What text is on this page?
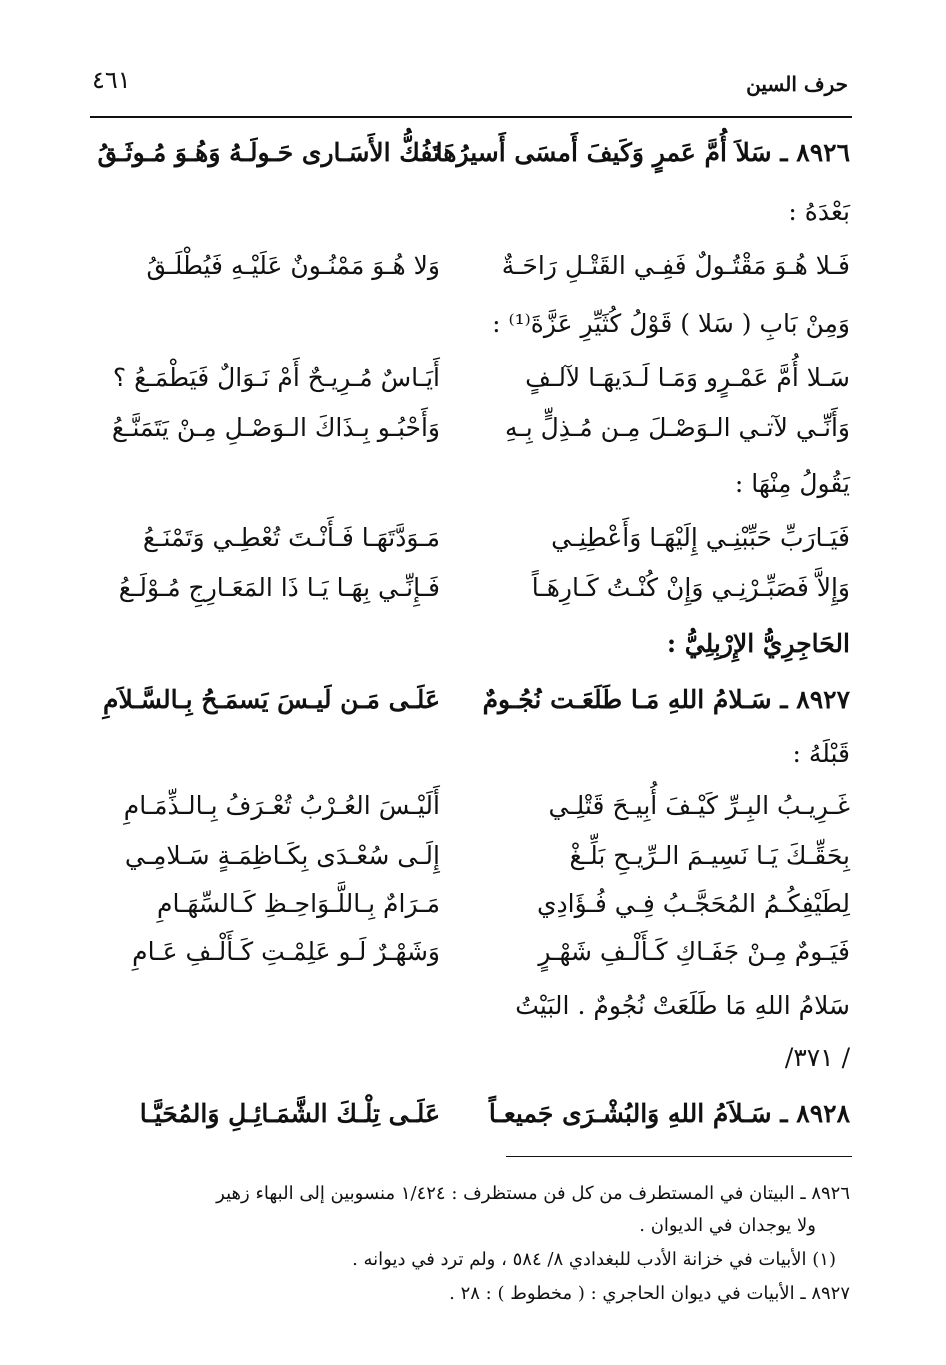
حرف السين
٤٦١
٨٩٢٦ ـ سَلاَ أُمَّ عَمرٍ وَكَيفَ أَمسَى أَسيرُهَا
تَفُكُّ الأَسَـارى حَـولَـهُ وَهُـوَ مُـوثَـقُ
بَعْدَهُ :
فَـلا هُـوَ مَقْتُـولٌ فَفِـي القَتْـلِ رَاحَـةٌ
وَلا هُـوَ مَمْنُـونٌ عَلَيْـهِ فَيُطْلَـقُ
وَمِنْ بَابِ ( سَلا ) قَوْلُ كُثَيِّرِ عَزَّةَ⁽¹⁾ :
سَـلا أُمَّ عَمْـرٍو وَمَـا لَـدَيهَـا لآلـفٍ
أَيَـاسٌ مُـرِيـحٌ أَمْ نَـوَالٌ فَيَطْمَـعُ ؟
وَأَنِّـي لآتـي الـوَصْـلَ مِـن مُـذِلٍّ بِـهِ
وَأَحْبُـو بِـذَاكَ الـوَصْـلِ مِـنْ يَتَمَنَّـعُ
يَقُولُ مِنْهَا :
فَيَـارَبِّ حَبِّبْنِـي إِلَيْهَـا وَأَعْطِنِـي
مَـوَدَّتَهَـا فَـأَنْـتَ تُعْطِـي وَتَمْنَـعُ
وَإِلاَّ فَصَبِّـرْنِـي وَإِنْ كُنْـتُ كَـارِهَـاً
فَـإِنِّـي بِهَـا يَـا ذَا المَعَـارِجِ مُـوْلَـعُ
الحَاجِرِيُّ الإِرْبِلِيُّ :
٨٩٢٧ ـ سَـلامُ اللهِ مَـا طَلَعَـت نُجُـومٌ
عَلَـى مَـن لَيـسَ يَسمَـحُ بِـالسَّـلاَمِ
قَبْلَهُ :
غَـرِيـبُ البِـرِّ كَيْـفَ أُبِيـحَ قَتْلِـي
أَلَيْـسَ العُـرْبُ تُعْـرَفُ بِـالـذِّمَـامِ
بِحَقِّـكَ يَـا نَسِيـمَ الـرِّيـحِ بَلِّـغْ
إِلَـى سُعْـدَى بِكَـاظِمَـةٍ سَـلامِـي
لِطَيْفِكُـمُ المُحَجَّـبُ فِـي فُـؤَادِي
مَـرَامٌ بِـاللَّـوَاحِـظِ كَـالسِّهَـامِ
فَيَـومٌ مِـنْ جَفَـاكِ كَـأَلْـفِ شَهْـرٍ
وَشَهْـرٌ لَـو عَلِمْـتِ كَـأَلْـفِ عَـامِ
سَلامُ اللهِ مَا طَلَعَتْ نُجُومٌ . البَيْتُ
/ ٣٧١/
٨٩٢٨ ـ سَـلاَمُ اللهِ وَالبُشْـرَى جَميعـاً
عَلَـى تِلْـكَ الشَّمَـائِـلِ وَالمُحَيَّـا
٨٩٢٦ ـ البيتان في المستطرف من كل فن مستظرف : ١/٤٢٤ منسوبين إلى البهاء زهير
ولا يوجدان في الديوان .
(١) الأبيات في خزانة الأدب للبغدادي ٨/ ٥٨٤ ، ولم ترد في ديوانه .
٨٩٢٧ ـ الأبيات في ديوان الحاجري : ( مخطوط ) : ٢٨ .
